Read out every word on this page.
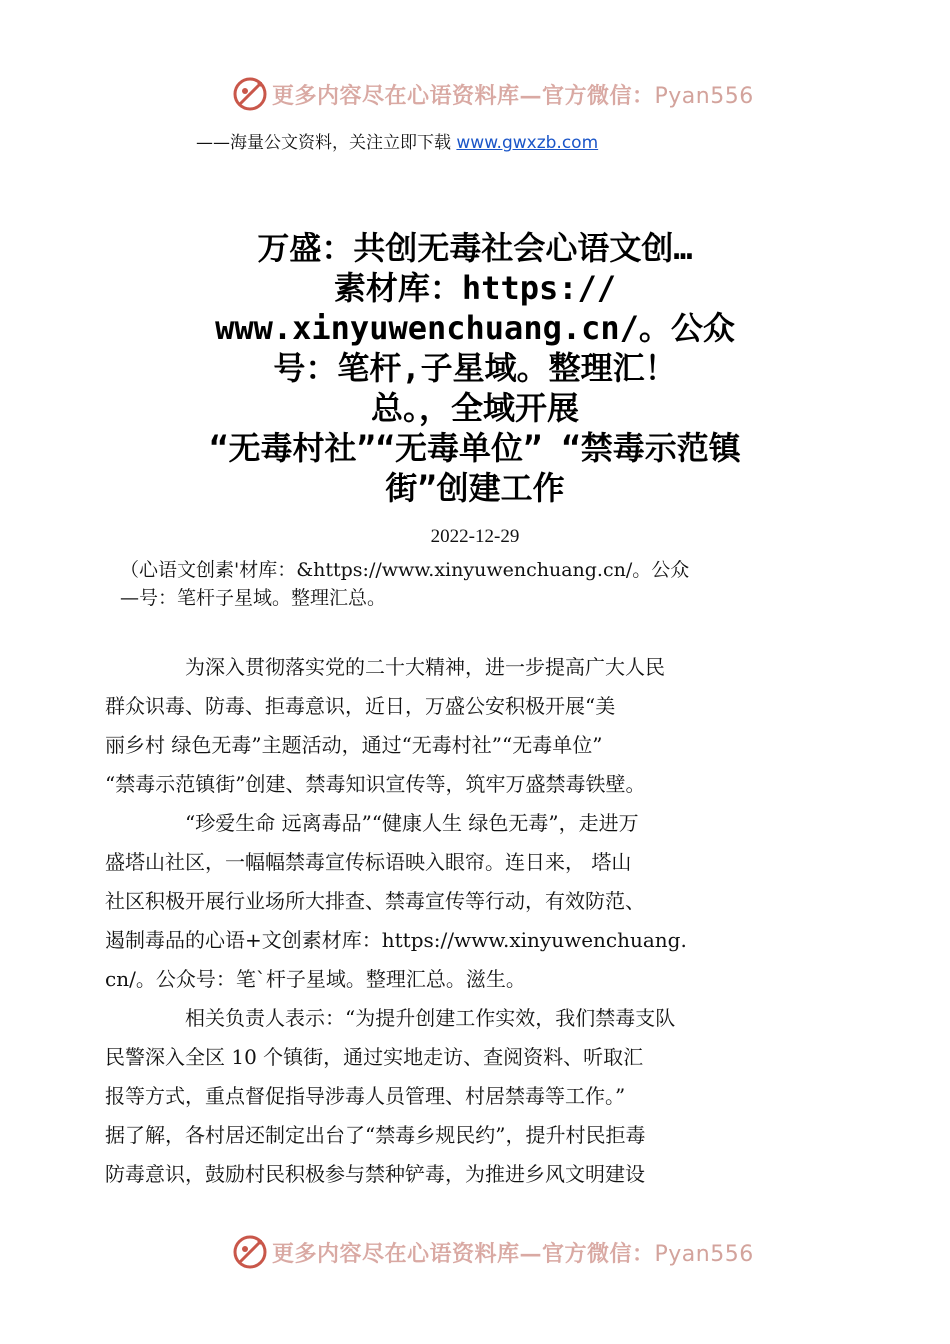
更多内容尽在心语资料库—官方微信：Pyan556
——海量公文资料，关注立即下载 www.gwxzb.com
万盛：共创无毒社会心语文创…
素材库：https://
www.xinyuwenchuang.cn/。公众
号：笔杆,子星域。整理汇！
总。，全域开展
“无毒村社”“无毒单位” “禁毒示范镇
街”创建工作
2022-12-29
（心语文创素'材库：&https://www.xinyuwenchuang.cn/。公众
—号：笔杆子星域。整理汇总。

为深入贯彻落实党的二十大精神，进一步提高广大人民
群众识毒、防毒、拒毒意识，近日，万盛公安积极开展“美
丽乡村 绿色无毒”主题活动，通过“无毒村社”“无毒单位”
“禁毒示范镇街”创建、禁毒知识宣传等，筑牢万盛禁毒铁壁。

“珍爱生命 远离毒品”“健康人生 绿色无毒”，走进万
盛塔山社区，一幅幅禁毒宣传标语映入眼帘。连日来， 塔山
社区积极开展行业场所大排查、禁毒宣传等行动，有效防范、
遏制毒品的心语+文创素材库：https://www.xinyuwenchuang.
cn/。公众号：笔`杆子星域。整理汇总。滋生。

相关负责人表示：“为提升创建工作实效，我们禁毒支队
民警深入全区 10 个镇街，通过实地走访、查阅资料、听取汇
报等方式，重点督促指导涉毒人员管理、村居禁毒等工作。”
据了解，各村居还制定出台了“禁毒乡规民约”，提升村民拒毒
防毒意识，鼓励村民积极参与禁种铲毒，为推进乡风文明建设

更多内容尽在心语资料库—官方微信：Pyan556
